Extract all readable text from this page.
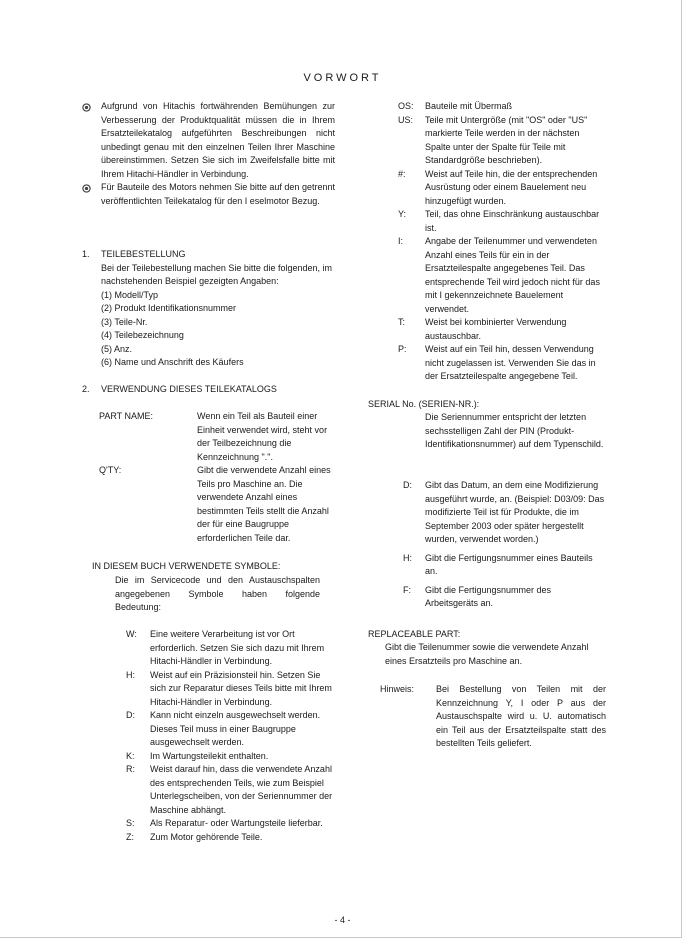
VORWORT

Aufgrund von Hitachis fortwährenden Bemühungen zur Verbesserung der Produktqualität müssen die in Ihrem Ersatzteilekatalog aufgeführten Beschreibungen nicht unbedingt genau mit den einzelnen Teilen Ihrer Maschine übereinstimmen. Setzen Sie sich im Zweifelsfalle bitte mit Ihrem Hitachi-Händler in Verbindung.

Für Bauteile des Motors nehmen Sie bitte auf den getrennt veröffentlichten Teilekatalog für den I eselmotor Bezug.

1. TEILEBESTELLUNG
Bei der Teilebestellung machen Sie bitte die folgenden, im nachstehenden Beispiel gezeigten Angaben:
(1) Modell/Typ
(2) Produkt Identifikationsnummer
(3) Teile-Nr.
(4) Teilebezeichnung
(5) Anz.
(6) Name und Anschrift des Käufers
2. VERWENDUNG DIESES TEILEKATALOGS
PART NAME:	Wenn ein Teil als Bauteil einer Einheit verwendet wird, steht vor der Teilbezeichnung die Kennzeichnung ".".
Q'TY:	Gibt die verwendete Anzahl eines Teils pro Maschine an. Die verwendete Anzahl eines bestimmten Teils stellt die Anzahl der für eine Baugruppe erforderlichen Teile dar.
IN DIESEM BUCH VERWENDETE SYMBOLE:
Die im Servicecode und den Austauschspalten angegebenen Symbole haben folgende Bedeutung:
W:	Eine weitere Verarbeitung ist vor Ort erforderlich. Setzen Sie sich dazu mit Ihrem Hitachi-Händler in Verbindung.
H:	Weist auf ein Präzisionsteil hin. Setzen Sie sich zur Reparatur dieses Teils bitte mit Ihrem Hitachi-Händler in Verbindung.
D:	Kann nicht einzeln ausgewechselt werden. Dieses Teil muss in einer Baugruppe ausgewechselt werden.
K:	Im Wartungsteilekit enthalten.
R:	Weist darauf hin, dass die verwendete Anzahl des entsprechenden Teils, wie zum Beispiel Unterlegscheiben, von der Seriennummer der Maschine abhängt.
S:	Als Reparatur- oder Wartungsteile lieferbar.
Z:	Zum Motor gehörende Teile.
OS:	Bauteile mit Übermaß
US:	Teile mit Untergröße (mit "OS" oder "US" markierte Teile werden in der nächsten Spalte unter der Spalte für Teile mit Standardgröße beschrieben).
#:	Weist auf Teile hin, die der entsprechenden Ausrüstung oder einem Bauelement neu hinzugefügt wurden.
Y:	Teil, das ohne Einschränkung austauschbar ist.
I:	Angabe der Teilenummer und verwendeten Anzahl eines Teils für ein in der Ersatzteilespalte angegebenes Teil. Das entsprechende Teil wird jedoch nicht für das mit I gekennzeichnete Bauelement verwendet.
T:	Weist bei kombinierter Verwendung austauschbar.
P:	Weist auf ein Teil hin, dessen Verwendung nicht zugelassen ist. Verwenden Sie das in der Ersatzteilespalte angegebene Teil.
SERIAL No. (SERIEN-NR.):
Die Seriennummer entspricht der letzten sechsstelligen Zahl der PIN (Produkt-Identifikationsnummer) auf dem Typenschild.
D:	Gibt das Datum, an dem eine Modifizierung ausgeführt wurde, an. (Beispiel: D03/09: Das modifizierte Teil ist für Produkte, die im September 2003 oder später hergestellt wurden, verwendet worden.)
H:	Gibt die Fertigungsnummer eines Bauteils an.
F:	Gibt die Fertigungsnummer des Arbeitsgeräts an.
REPLACEABLE PART:
Gibt die Teilenummer sowie die verwendete Anzahl eines Ersatzteils pro Maschine an.
Hinweis:	Bei Bestellung von Teilen mit der Kennzeichnung Y, I oder P aus der Austauschspalte wird u. U. automatisch ein Teil aus der Ersatzteilspalte statt des bestellten Teils geliefert.
- 4 -
